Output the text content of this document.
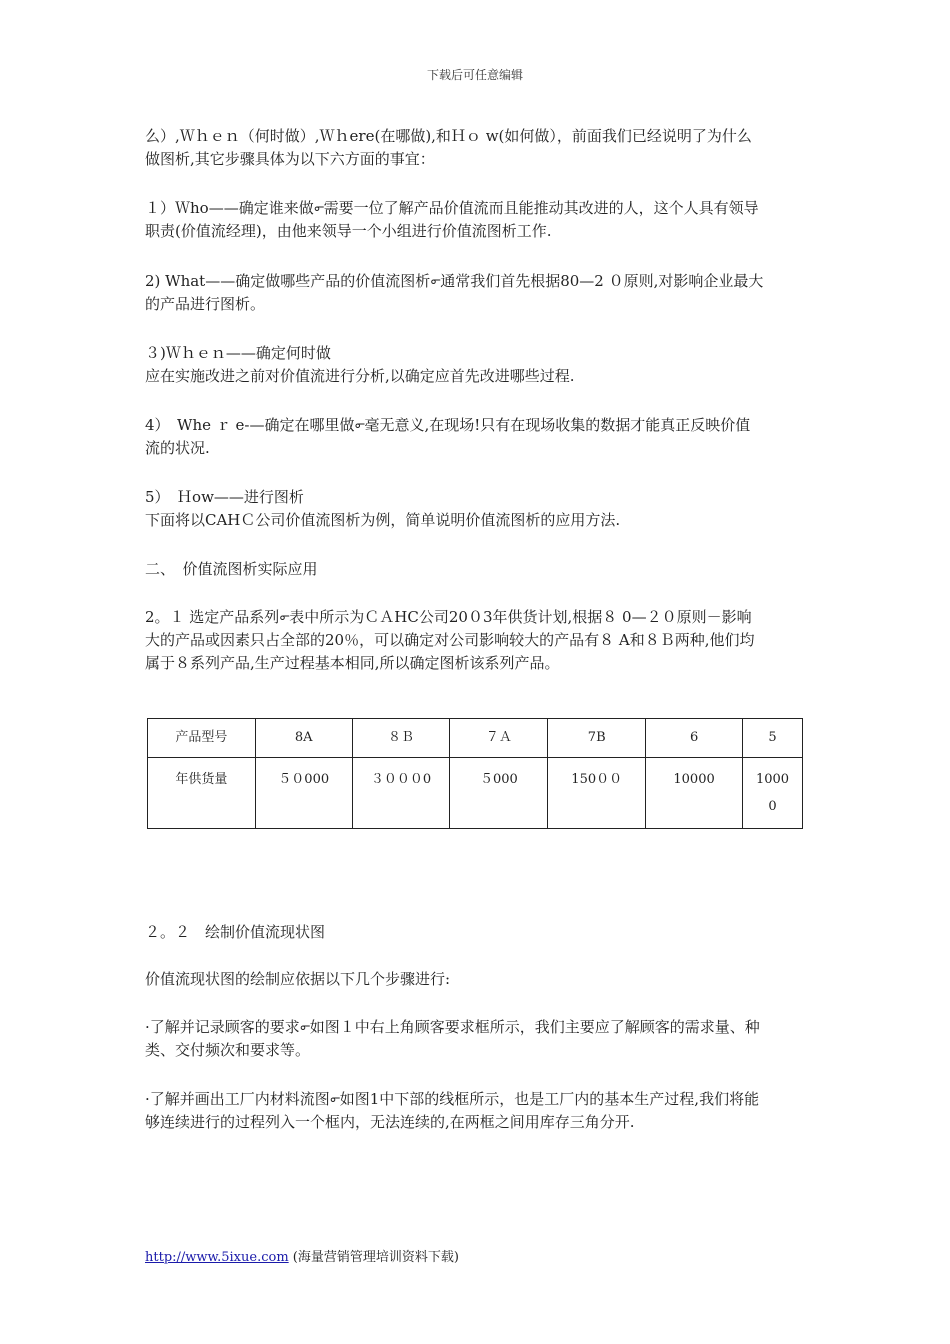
下载后可任意编辑
么）,Ｗｈｅｎ（何时做）,Ｗｈere(在哪做),和Ｈｏ w(如何做），前面我们已经说明了为什么
做图析,其它步骤具体为以下六方面的事宜：
１）Ｗho——确定谁来做൳需要一位了解产品价值流而且能推动其改进的人，这个人具有领导
职责(价值流经理)，由他来领导一个小组进行价值流图析工作.
2) What——确定做哪些产品的价值流图析൳通常我们首先根据80—2 ０原则,对影响企业最大
的产品进行图析。
３)Ｗｈｅｎ——确定何时做
应在实施改进之前对价值流进行分析,以确定应首先改进哪些过程.
4）　Whe ｒ e-—确定在哪里做൳毫无意义,在现场!只有在现场收集的数据才能真正反映价值
流的状况.
5）　Ｈow——进行图析
下面将以CAHＣ公司价值流图析为例，简单说明价值流图析的应用方法.
二、　价值流图析实际应用
2。１ 选定产品系列൳表中所示为ＣＡHC公司20０3年供货计划,根据８ 0—２０原则－影响
大的产品或因素只占全部的20％，可以确定对公司影响较大的产品有８ A和８Ｂ两种,他们均
属于８系列产品,生产过程基本相同,所以确定图析该系列产品。
产品型号	8A	８Ｂ	７Ａ	7B	6	5
年供货量	５０000	３０００0	５000	150００	10000	1000
0
２。２　绘制价值流现状图
价值流现状图的绘制应依据以下几个步骤进行:
·了解并记录顾客的要求൳如图１中右上角顾客要求框所示，我们主要应了解顾客的需求量、种
类、交付频次和要求等。
·了解并画出工厂内材料流图൳如图1中下部的线框所示，也是工厂内的基本生产过程,我们将能
够连续进行的过程列入一个框内，无法连续的,在两框之间用库存三角分开.
http://www.5ixue.com (海量营销管理培训资料下载)
